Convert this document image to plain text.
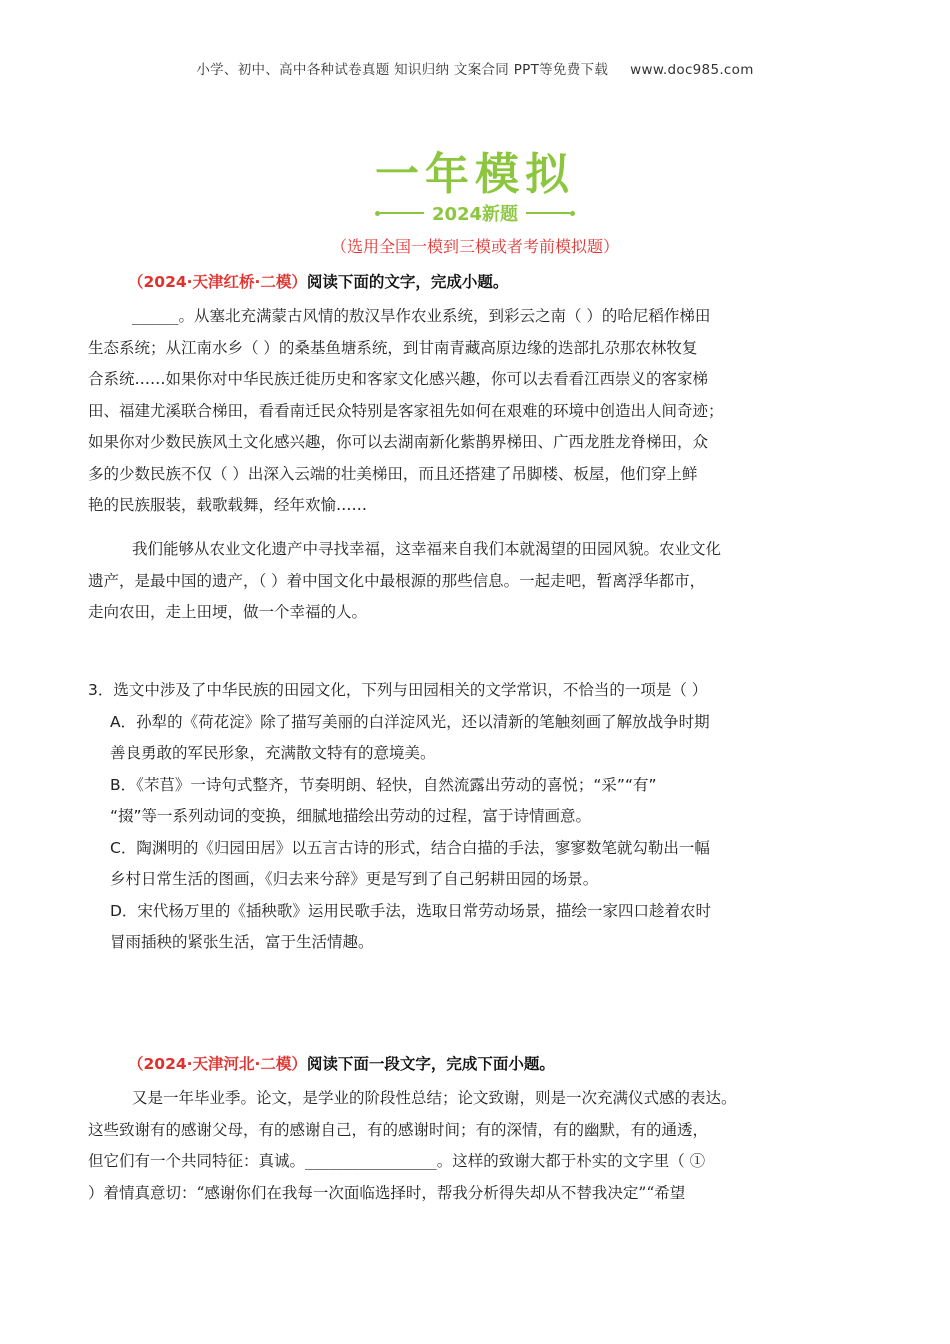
小学、初中、高中各种试卷真题 知识归纳 文案合同 PPT等免费下载 www.doc985.com
一年模拟
2024新题
（选用全国一模到三模或者考前模拟题）
（2024·天津红桥·二模）阅读下面的文字，完成小题。
______。从塞北充满蒙古风情的敖汉旱作农业系统，到彩云之南（ ）的哈尼稻作梯田
生态系统；从江南水乡（ ）的桑基鱼塘系统，到甘南青藏高原边缘的迭部扎尕那农林牧复
合系统……如果你对中华民族迁徙历史和客家文化感兴趣，你可以去看看江西崇义的客家梯
田、福建尤溪联合梯田，看看南迁民众特别是客家祖先如何在艰难的环境中创造出人间奇迹；
如果你对少数民族风土文化感兴趣，你可以去湖南新化紫鹊界梯田、广西龙胜龙脊梯田，众
多的少数民族不仅（ ）出深入云端的壮美梯田，而且还搭建了吊脚楼、板屋，他们穿上鲜
艳的民族服装，载歌载舞，经年欢愉……
我们能够从农业文化遗产中寻找幸福，这幸福来自我们本就渴望的田园风貌。农业文化
遗产，是最中国的遗产，（ ）着中国文化中最根源的那些信息。一起走吧，暂离浮华都市，
走向农田，走上田埂，做一个幸福的人。
3．选文中涉及了中华民族的田园文化，下列与田园相关的文学常识，不恰当的一项是（ ）
A．孙犁的《荷花淀》除了描写美丽的白洋淀风光，还以清新的笔触刻画了解放战争时期
善良勇敢的军民形象，充满散文特有的意境美。
B．《芣苢》一诗句式整齐，节奏明朗、轻快，自然流露出劳动的喜悦；“采”“有”
“掇”等一系列动词的变换，细腻地描绘出劳动的过程，富于诗情画意。
C．陶渊明的《归园田居》以五言古诗的形式，结合白描的手法，寥寥数笔就勾勒出一幅
乡村日常生活的图画，《归去来兮辞》更是写到了自己躬耕田园的场景。
D．宋代杨万里的《插秧歌》运用民歌手法，选取日常劳动场景，描绘一家四口趁着农时
冒雨插秧的紧张生活，富于生活情趣。
（2024·天津河北·二模）阅读下面一段文字，完成下面小题。
又是一年毕业季。论文，是学业的阶段性总结；论文致谢，则是一次充满仪式感的表达。
这些致谢有的感谢父母，有的感谢自己，有的感谢时间；有的深情，有的幽默，有的通透，
但它们有一个共同特征：真诚。_________________。这样的致谢大都于朴实的文字里（ ①
）着情真意切：“感谢你们在我每一次面临选择时，帮我分析得失却从不替我决定”“希望
